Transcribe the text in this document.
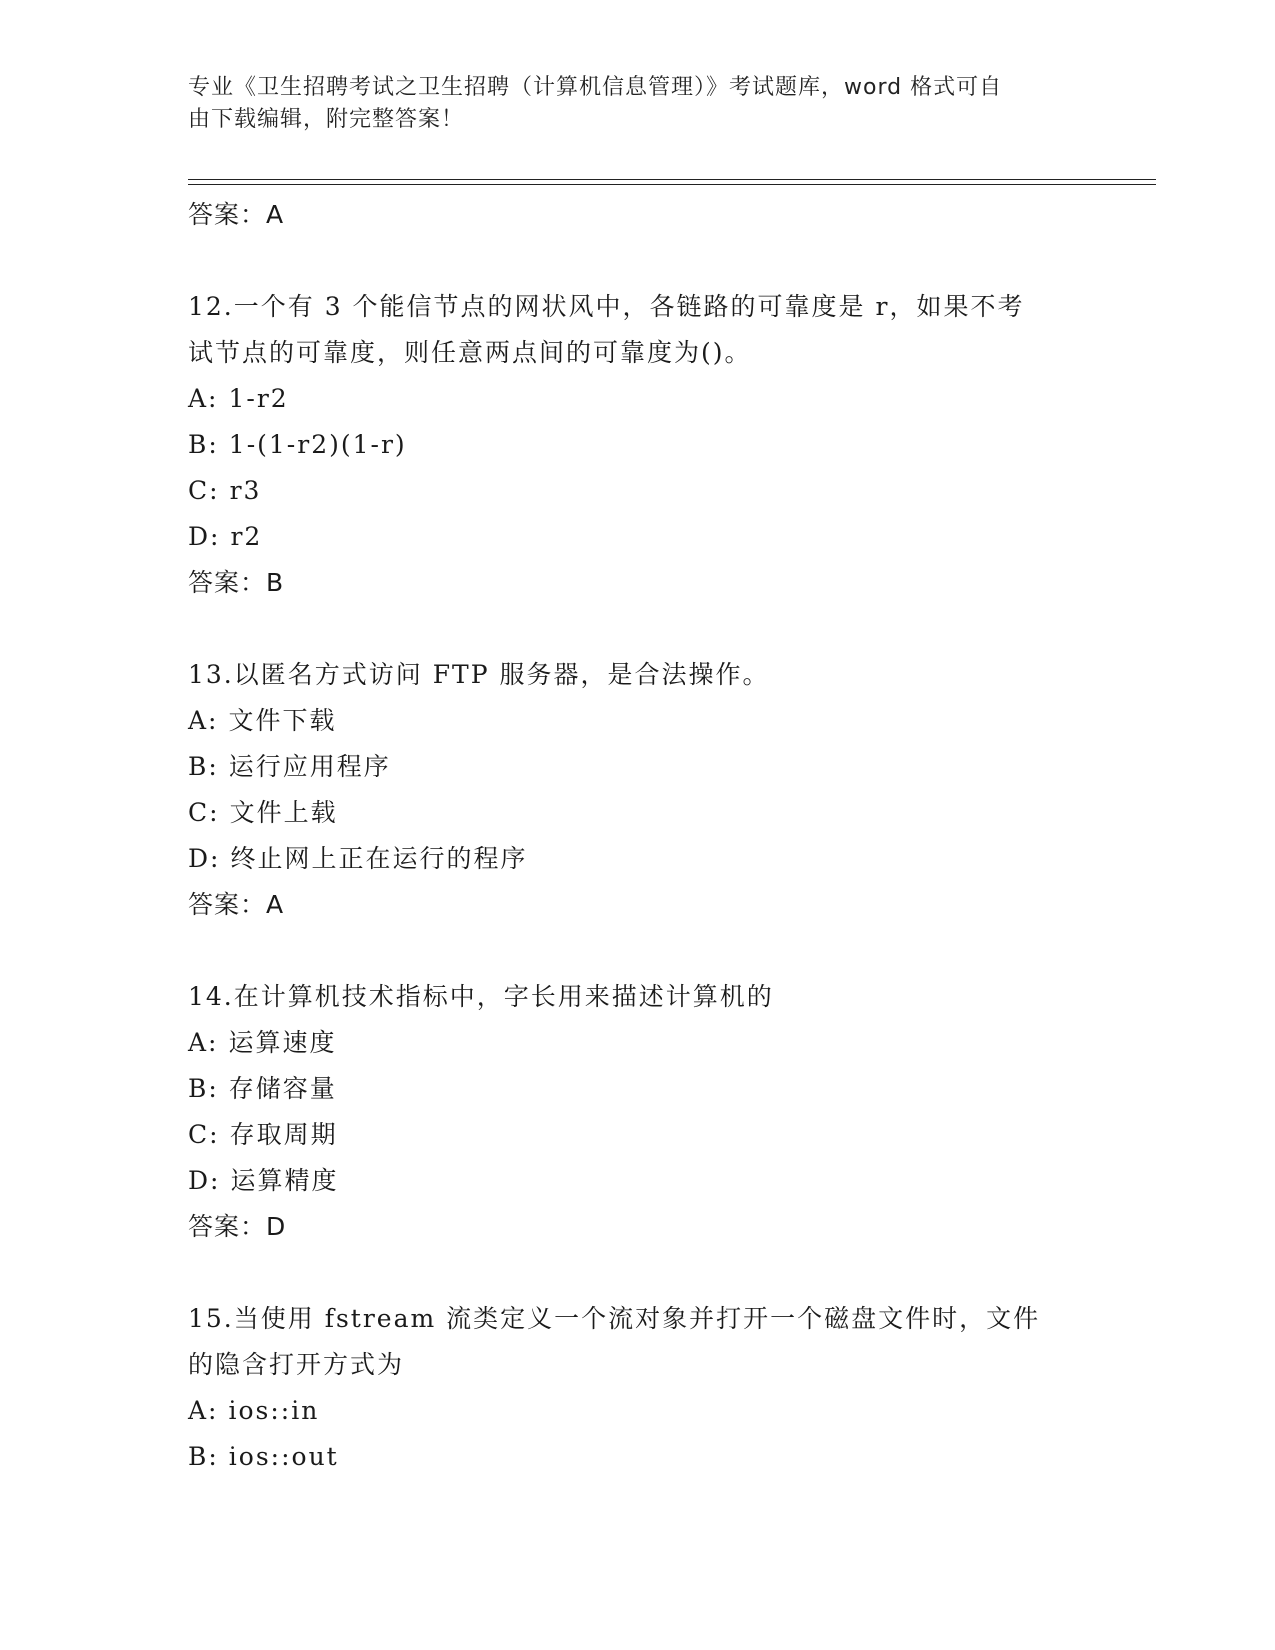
专业《卫生招聘考试之卫生招聘（计算机信息管理）》考试题库，word 格式可自
由下载编辑，附完整答案！
答案：A
12.一个有 3 个能信节点的网状风中，各链路的可靠度是 r，如果不考
试节点的可靠度，则任意两点间的可靠度为()。
A: 1-r2
B: 1-(1-r2)(1-r)
C: r3
D: r2
答案：B
13.以匿名方式访问 FTP 服务器，是合法操作。
A: 文件下载
B: 运行应用程序
C: 文件上载
D: 终止网上正在运行的程序
答案：A
14.在计算机技术指标中，字长用来描述计算机的
A: 运算速度
B: 存储容量
C: 存取周期
D: 运算精度
答案：D
15.当使用 fstream 流类定义一个流对象并打开一个磁盘文件时，文件
的隐含打开方式为
A: ios::in
B: ios::out
